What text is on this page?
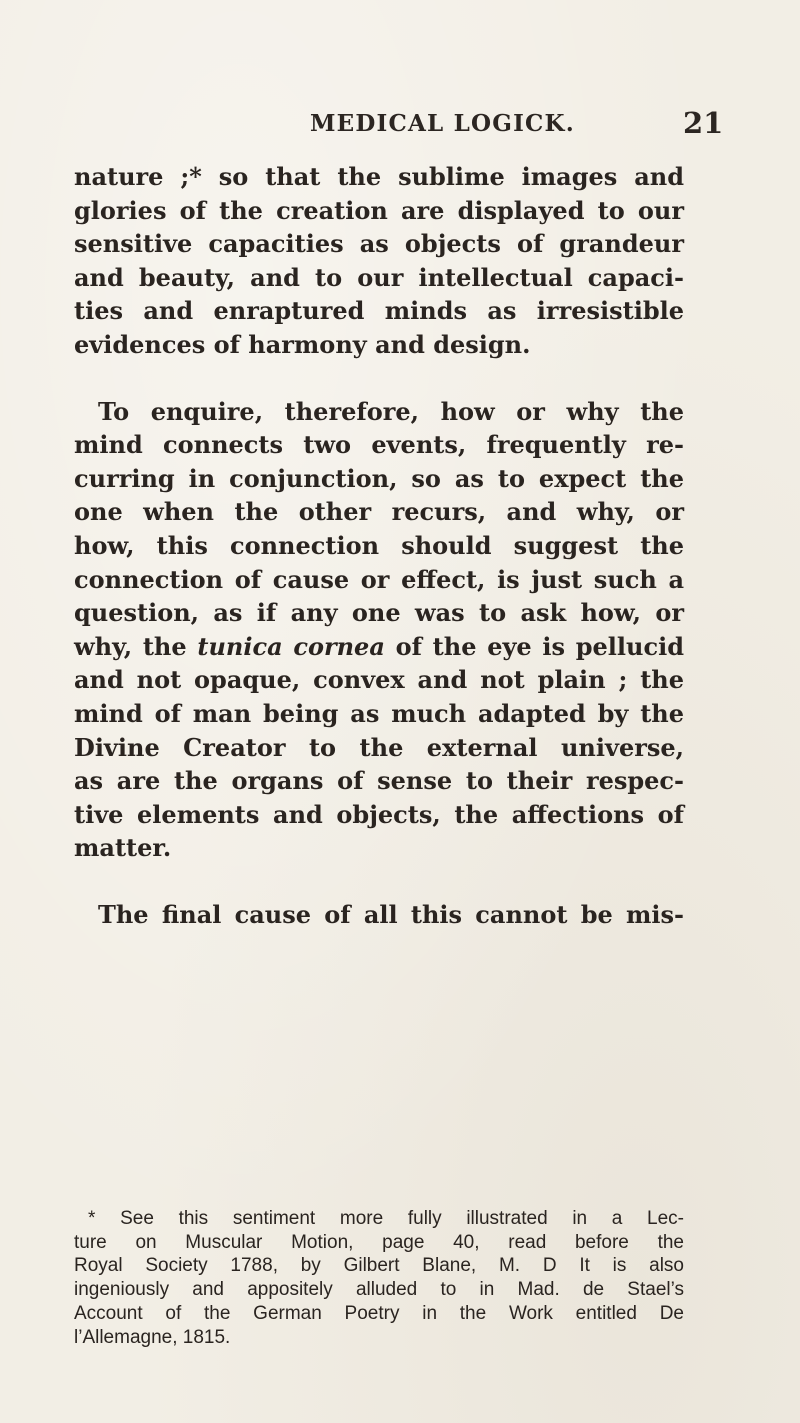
MEDICAL LOGICK.	21
nature ;* so that the sublime images and
glories of the creation are displayed to our
sensitive capacities as objects of grandeur
and beauty, and to our intellectual capaci-
ties and enraptured minds as irresistible
evidences of harmony and design.
To enquire, therefore, how or why the
mind connects two events, frequently re-
curring in conjunction, so as to expect the
one when the other recurs, and why, or
how, this connection should suggest the
connection of cause or effect, is just such a
question, as if any one was to ask how, or
why, the tunica cornea of the eye is pellucid
and not opaque, convex and not plain ; the
mind of man being as much adapted by the
Divine Creator to the external universe,
as are the organs of sense to their respec-
tive elements and objects, the affections of
matter.
The final cause of all this cannot be mis-
* See this sentiment more fully illustrated in a Lec-
ture on Muscular Motion, page 40, read before the
Royal Society 1788, by Gilbert Blane, M. D It is also
ingeniously and appositely alluded to in Mad. de Stael’s
Account of the German Poetry in the Work entitled De
l’Allemagne, 1815.
